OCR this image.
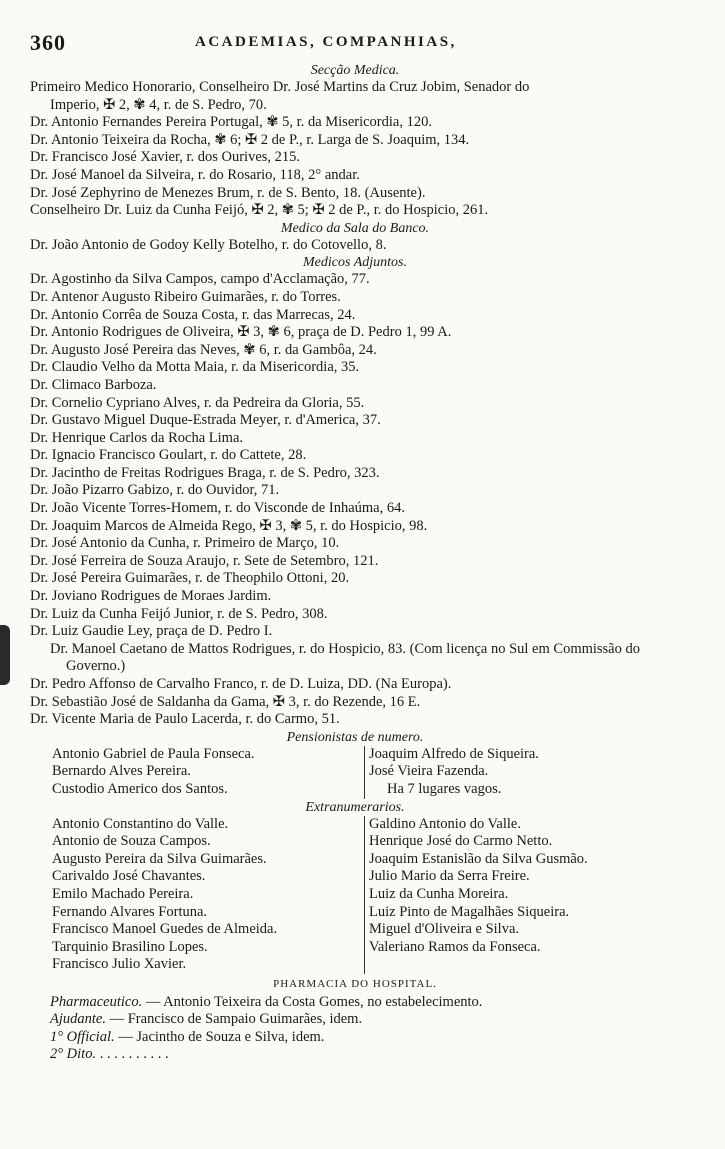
360	ACADEMIAS, COMPANHIAS,
Secção Medica.
Primeiro Medico Honorario, Conselheiro Dr. José Martins da Cruz Jobim, Senador do
Imperio, ✠ 2, ✾ 4, r. de S. Pedro, 70.
Dr. Antonio Fernandes Pereira Portugal, ✾ 5, r. da Misericordia, 120.
Dr. Antonio Teixeira da Rocha, ✾ 6; ✠ 2 de P., r. Larga de S. Joaquim, 134.
Dr. Francisco José Xavier, r. dos Ourives, 215.
Dr. José Manoel da Silveira, r. do Rosario, 118, 2° andar.
Dr. José Zephyrino de Menezes Brum, r. de S. Bento, 18. (Ausente).
Conselheiro Dr. Luiz da Cunha Feijó, ✠ 2, ✾ 5; ✠ 2 de P., r. do Hospicio, 261.
Medico da Sala do Banco.
Dr. João Antonio de Godoy Kelly Botelho, r. do Cotovello, 8.
Medicos Adjuntos.
Dr. Agostinho da Silva Campos, campo d'Acclamação, 77.
Dr. Antenor Augusto Ribeiro Guimarães, r. do Torres.
Dr. Antonio Corrêa de Souza Costa, r. das Marrecas, 24.
Dr. Antonio Rodrigues de Oliveira, ✠ 3, ✾ 6, praça de D. Pedro 1, 99 A.
Dr. Augusto José Pereira das Neves, ✾ 6, r. da Gambôa, 24.
Dr. Claudio Velho da Motta Maia, r. da Misericordia, 35.
Dr. Climaco Barboza.
Dr. Cornelio Cypriano Alves, r. da Pedreira da Gloria, 55.
Dr. Gustavo Miguel Duque-Estrada Meyer, r. d'America, 37.
Dr. Henrique Carlos da Rocha Lima.
Dr. Ignacio Francisco Goulart, r. do Cattete, 28.
Dr. Jacintho de Freitas Rodrigues Braga, r. de S. Pedro, 323.
Dr. João Pizarro Gabizo, r. do Ouvidor, 71.
Dr. João Vicente Torres-Homem, r. do Visconde de Inhaúma, 64.
Dr. Joaquim Marcos de Almeida Rego, ✠ 3, ✾ 5, r. do Hospicio, 98.
Dr. José Antonio da Cunha, r. Primeiro de Março, 10.
Dr. José Ferreira de Souza Araujo, r. Sete de Setembro, 121.
Dr. José Pereira Guimarães, r. de Theophilo Ottoni, 20.
Dr. Joviano Rodrigues de Moraes Jardim.
Dr. Luiz da Cunha Feijó Junior, r. de S. Pedro, 308.
Dr. Luiz Gaudie Ley, praça de D. Pedro I.
Dr. Manoel Caetano de Mattos Rodrigues, r. do Hospicio, 83. (Com licença no Sul em Commissão do Governo.)
Dr. Pedro Affonso de Carvalho Franco, r. de D. Luiza, DD. (Na Europa).
Dr. Sebastião José de Saldanha da Gama, ✠ 3, r. do Rezende, 16 E.
Dr. Vicente Maria de Paulo Lacerda, r. do Carmo, 51.
Pensionistas de numero.
Antonio Gabriel de Paula Fonseca.
Bernardo Alves Pereira.
Custodio Americo dos Santos.
Joaquim Alfredo de Siqueira.
José Vieira Fazenda.
Ha 7 lugares vagos.
Extranumerarios.
Antonio Constantino do Valle.
Antonio de Souza Campos.
Augusto Pereira da Silva Guimarães.
Carivaldo José Chavantes.
Emilo Machado Pereira.
Fernando Alvares Fortuna.
Francisco Manoel Guedes de Almeida.
Tarquinio Brasilino Lopes.
Francisco Julio Xavier.
Galdino Antonio do Valle.
Henrique José do Carmo Netto.
Joaquim Estanislão da Silva Gusmão.
Julio Mario da Serra Freire.
Luiz da Cunha Moreira.
Luiz Pinto de Magalhães Siqueira.
Miguel d'Oliveira e Silva.
Valeriano Ramos da Fonseca.
PHARMACIA DO HOSPITAL.
Pharmaceutico. — Antonio Teixeira da Costa Gomes, no estabelecimento.
Ajudante. — Francisco de Sampaio Guimarães, idem.
1° Official. — Jacintho de Souza e Silva, idem.
2° Dito. . . . . . . . . . .
